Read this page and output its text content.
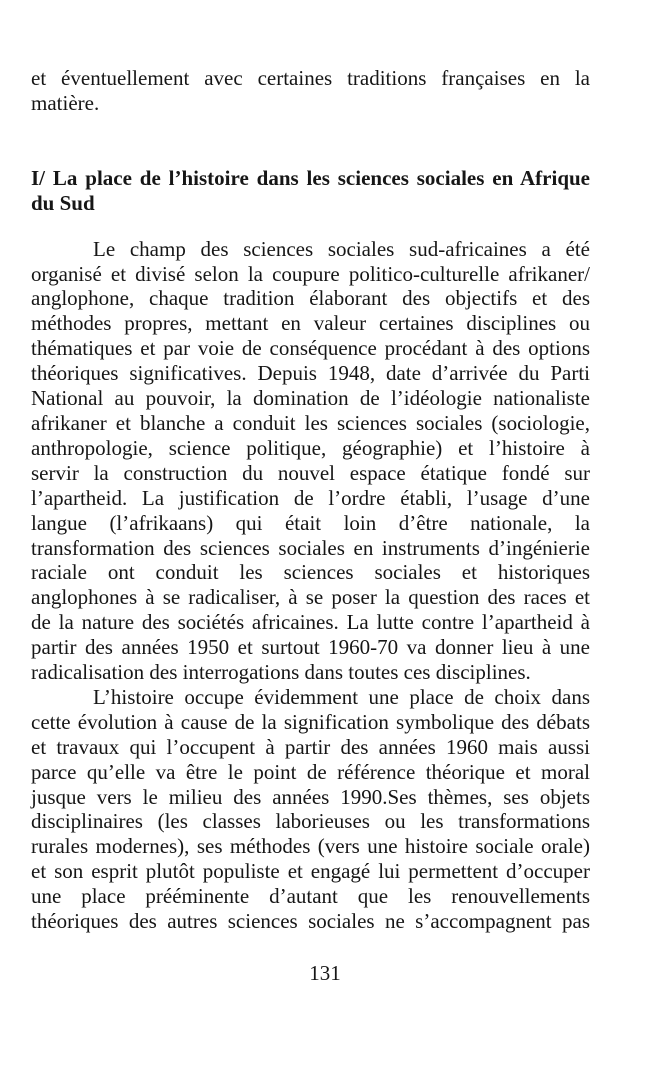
et éventuellement avec certaines traditions françaises en la
matière.
I/ La place de l’histoire dans les sciences sociales en Afrique
du Sud
Le champ des sciences sociales sud-africaines a été
organisé et divisé selon la coupure politico-culturelle afrikaner/
anglophone, chaque tradition élaborant des objectifs et des
méthodes propres, mettant en valeur certaines disciplines ou
thématiques et par voie de conséquence procédant à des options
théoriques significatives. Depuis 1948, date d’arrivée du Parti
National au pouvoir, la domination de l’idéologie nationaliste
afrikaner et blanche a conduit les sciences sociales (sociologie,
anthropologie, science politique, géographie) et l’histoire à
servir la construction du nouvel espace étatique fondé sur
l’apartheid. La justification de l’ordre établi, l’usage d’une
langue (l’afrikaans) qui était loin d’être nationale, la
transformation des sciences sociales en instruments d’ingénierie
raciale ont conduit les sciences sociales et historiques
anglophones à se radicaliser, à se poser la question des races et
de la nature des sociétés africaines. La lutte contre l’apartheid à
partir des années 1950 et surtout 1960-70 va donner lieu à une
radicalisation des interrogations dans toutes ces disciplines.
L’histoire occupe évidemment une place de choix dans
cette évolution à cause de la signification symbolique des débats
et travaux qui l’occupent à partir des années 1960 mais aussi
parce qu’elle va être le point de référence théorique et moral
jusque vers le milieu des années 1990.Ses thèmes, ses objets
disciplinaires (les classes laborieuses ou les transformations
rurales modernes), ses méthodes (vers une histoire sociale orale)
et son esprit plutôt populiste et engagé lui permettent d’occuper
une place prééminente d’autant que les renouvellements
théoriques des autres sciences sociales ne s’accompagnent pas
131
